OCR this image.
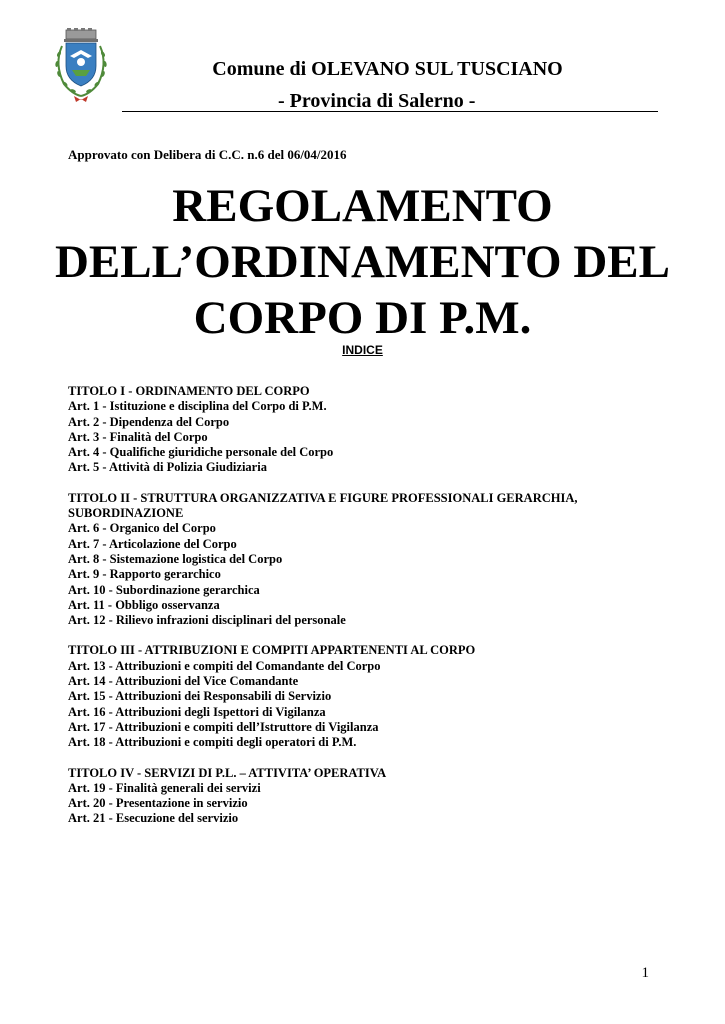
Comune di OLEVANO SUL TUSCIANO
- Provincia di Salerno -
Approvato con Delibera di C.C. n.6 del 06/04/2016
REGOLAMENTO
DELL’ORDINAMENTO DEL
CORPO DI P.M.
INDICE
TITOLO I - ORDINAMENTO DEL CORPO
Art. 1 - Istituzione e disciplina del Corpo di P.M.
Art. 2 - Dipendenza del Corpo
Art. 3 - Finalità del Corpo
Art. 4 - Qualifiche giuridiche personale del Corpo
Art. 5 - Attività di Polizia Giudiziaria
TITOLO II - STRUTTURA ORGANIZZATIVA E FIGURE PROFESSIONALI GERARCHIA, SUBORDINAZIONE
Art. 6 - Organico del Corpo
Art. 7 - Articolazione del Corpo
Art. 8 - Sistemazione logistica del Corpo
Art. 9 - Rapporto gerarchico
Art. 10 - Subordinazione gerarchica
Art. 11 - Obbligo osservanza
Art. 12 - Rilievo infrazioni disciplinari del personale
TITOLO III - ATTRIBUZIONI E COMPITI APPARTENENTI AL CORPO
Art. 13 - Attribuzioni e compiti del Comandante del Corpo
Art. 14 - Attribuzioni del Vice Comandante
Art. 15 - Attribuzioni dei Responsabili di Servizio
Art. 16 - Attribuzioni degli Ispettori di Vigilanza
Art. 17 - Attribuzioni e compiti dell’Istruttore di Vigilanza
Art. 18 - Attribuzioni e compiti degli operatori di P.M.
TITOLO IV - SERVIZI DI P.L. – ATTIVITA’ OPERATIVA
Art. 19 - Finalità generali dei servizi
Art. 20 - Presentazione in servizio
Art. 21 - Esecuzione del servizio
1
